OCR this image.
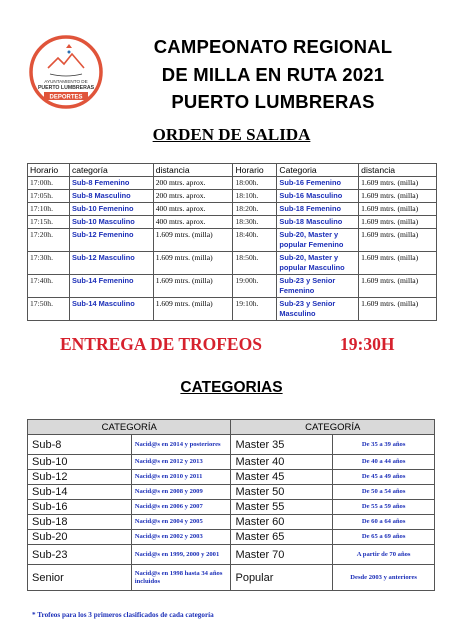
AYUNTAMIENTO DE
PUERTO LUMBRERAS
DEPORTES
CAMPEONATO REGIONAL
DE MILLA EN RUTA 2021
PUERTO LUMBRERAS
ORDEN DE SALIDA
Horario	categoría	distancia	Horario	Categoria	distancia
17:00h.	Sub-8 Femenino	200 mtrs. aprox.	18:00h.	Sub-16 Femenino	1.609 mtrs. (milla)
17:05h.	Sub-8 Masculino	200 mtrs. aprox.	18:10h.	Sub-16 Masculino	1.609 mtrs. (milla)
17:10h.	Sub-10 Femenino	400 mtrs. aprox.	18:20h.	Sub-18 Femenino	1.609 mtrs. (milla)
17:15h.	Sub-10 Masculino	400 mtrs. aprox.	18:30h.	Sub-18 Masculino	1.609 mtrs. (milla)
17:20h.	Sub-12 Femenino	1.609 mtrs. (milla)	18:40h.	Sub-20, Master y popular Femenino	1.609 mtrs. (milla)
17:30h.	Sub-12 Masculino	1.609 mtrs. (milla)	18:50h.	Sub-20, Master y popular Masculino	1.609 mtrs. (milla)
17:40h.	Sub-14 Femenino	1.609 mtrs. (milla)	19:00h.	Sub-23 y Senior Femenino	1.609 mtrs. (milla)
17:50h.	Sub-14 Masculino	1.609 mtrs. (milla)	19:10h.	Sub-23 y Senior Masculino	1.609 mtrs. (milla)
ENTREGA DE TROFEOS	19:30H
CATEGORIAS
CATEGORÍA		CATEGORÍA	
Sub-8	Nacid@s en 2014 y posteriores	Master 35	De 35 a 39 años
Sub-10	Nacid@s en 2012 y 2013	Master 40	De 40 a 44 años
Sub-12	Nacid@s en 2010 y 2011	Master 45	De 45 a 49 años
Sub-14	Nacid@s en 2008 y 2009	Master 50	De 50 a 54 años
Sub-16	Nacid@s en 2006 y 2007	Master 55	De 55 a 59 años
Sub-18	Nacid@s en 2004 y 2005	Master 60	De 60 a 64 años
Sub-20	Nacid@s en 2002 y 2003	Master 65	De 65 a 69 años
Sub-23	Nacid@s en 1999, 2000 y 2001	Master 70	A partir de 70 años
Senior	Nacid@s en 1998 hasta 34 años incluidos	Popular	Desde 2003 y anteriores
* Trofeos para los 3 primeros clasificados de cada categoría
